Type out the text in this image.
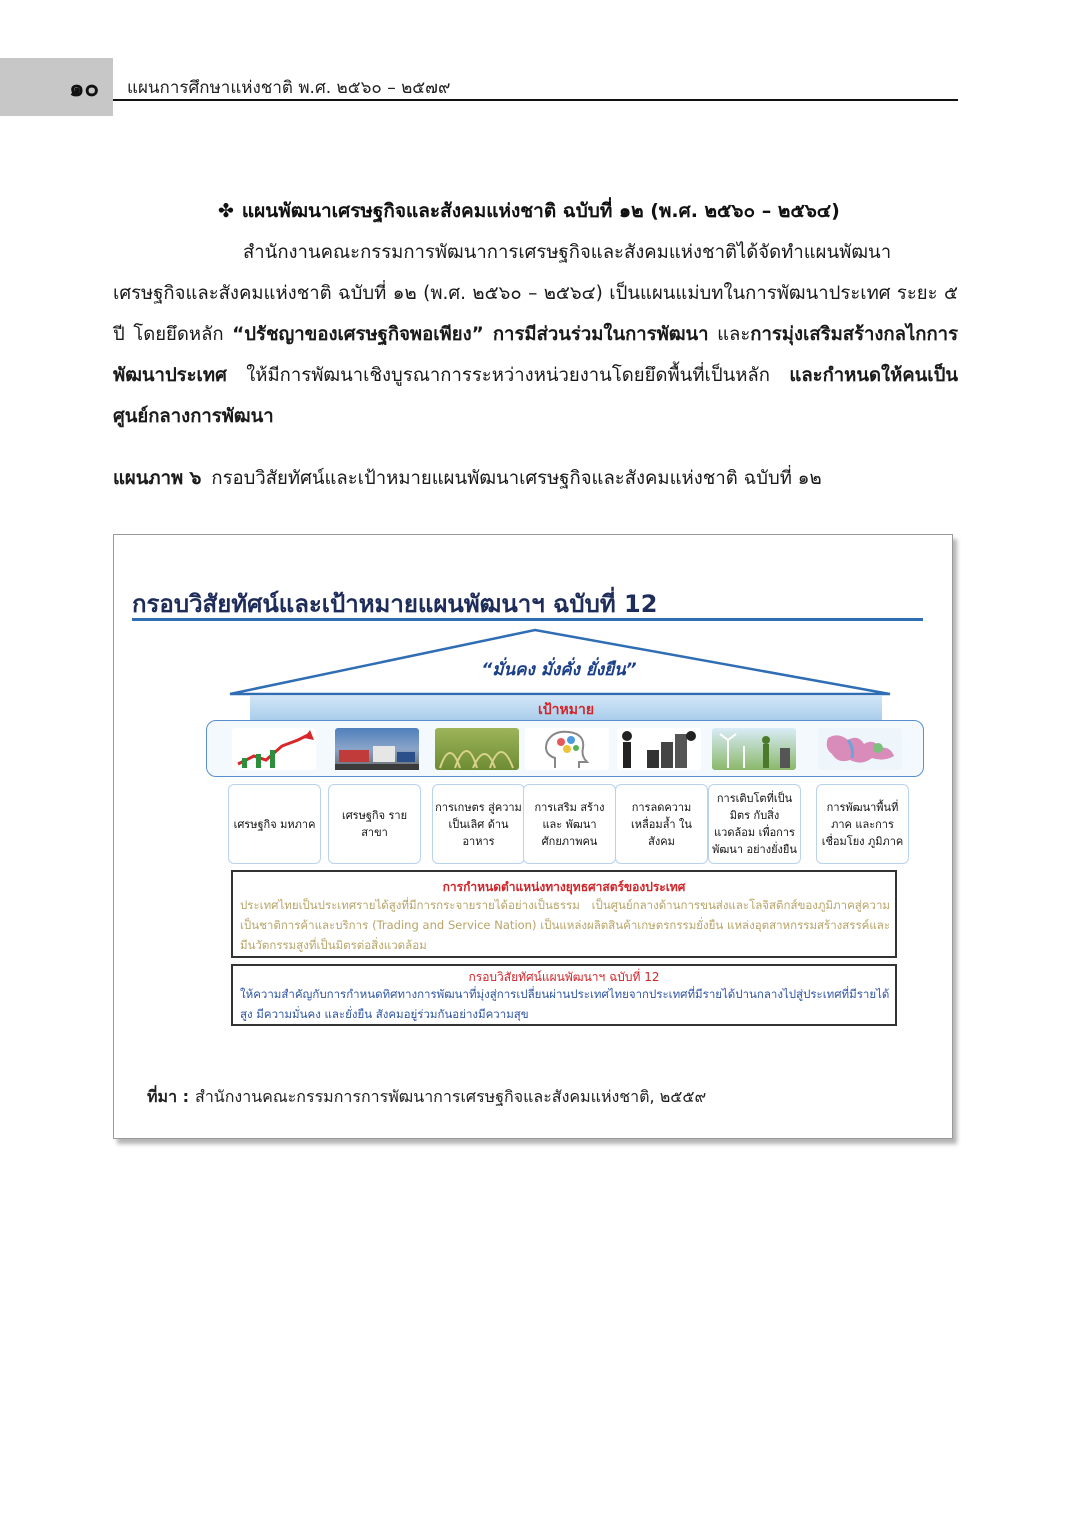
๑๐ แผนการศึกษาแห่งชาติ พ.ศ. ๒๕๖๐ – ๒๕๗๙
✤ แผนพัฒนาเศรษฐกิจและสังคมแห่งชาติ ฉบับที่ ๑๒ (พ.ศ. ๒๕๖๐ – ๒๕๖๔)
สำนักงานคณะกรรมการพัฒนาการเศรษฐกิจและสังคมแห่งชาติได้จัดทำแผนพัฒนาเศรษฐกิจและสังคมแห่งชาติ ฉบับที่ ๑๒ (พ.ศ. ๒๕๖๐ – ๒๕๖๔) เป็นแผนแม่บทในการพัฒนาประเทศ ระยะ ๕ ปี โดยยึดหลัก “ปรัชญาของเศรษฐกิจพอเพียง” การมีส่วนร่วมในการพัฒนา และการมุ่งเสริมสร้างกลไกการพัฒนาประเทศ ให้มีการพัฒนาเชิงบูรณาการระหว่างหน่วยงานโดยยึดพื้นที่เป็นหลัก และกำหนดให้คนเป็นศูนย์กลางการพัฒนา
แผนภาพ ๖ กรอบวิสัยทัศน์และเป้าหมายแผนพัฒนาเศรษฐกิจและสังคมแห่งชาติ ฉบับที่ ๑๒
กรอบวิสัยทัศน์และเป้าหมายแผนพัฒนาฯ ฉบับที่ 12
“มั่นคง มั่งคั่ง ยั่งยืน”
เป้าหมาย
เศรษฐกิจ มหภาค
เศรษฐกิจ รายสาขา
การเกษตร สู่ความเป็นเลิศ ด้านอาหาร
การเสริม สร้างและ พัฒนา ศักยภาพคน
การลดความ เหลื่อมล้ำ ในสังคม
การเติบโตที่เป็นมิตร กับสิ่งแวดล้อม เพื่อการพัฒนา อย่างยั่งยืน
การพัฒนาพื้นที่ ภาค และการ เชื่อมโยง ภูมิภาค
การกำหนดตำแหน่งทางยุทธศาสตร์ของประเทศ
ประเทศไทยเป็นประเทศรายได้สูงที่มีการกระจายรายได้อย่างเป็นธรรม เป็นศูนย์กลางด้านการขนส่งและโลจิสติกส์ของภูมิภาคสู่ความเป็นชาติการค้าและบริการ (Trading and Service Nation) เป็นแหล่งผลิตสินค้าเกษตรกรรมยั่งยืน แหล่งอุตสาหกรรมสร้างสรรค์และมีนวัตกรรมสูงที่เป็นมิตรต่อสิ่งแวดล้อม
กรอบวิสัยทัศน์แผนพัฒนาฯ ฉบับที่ 12
ให้ความสำคัญกับการกำหนดทิศทางการพัฒนาที่มุ่งสู่การเปลี่ยนผ่านประเทศไทยจากประเทศที่มีรายได้ปานกลางไปสู่ประเทศที่มีรายได้สูง มีความมั่นคง และยั่งยืน สังคมอยู่ร่วมกันอย่างมีความสุข
ที่มา : สำนักงานคณะกรรมการการพัฒนาการเศรษฐกิจและสังคมแห่งชาติ, ๒๕๕๙
